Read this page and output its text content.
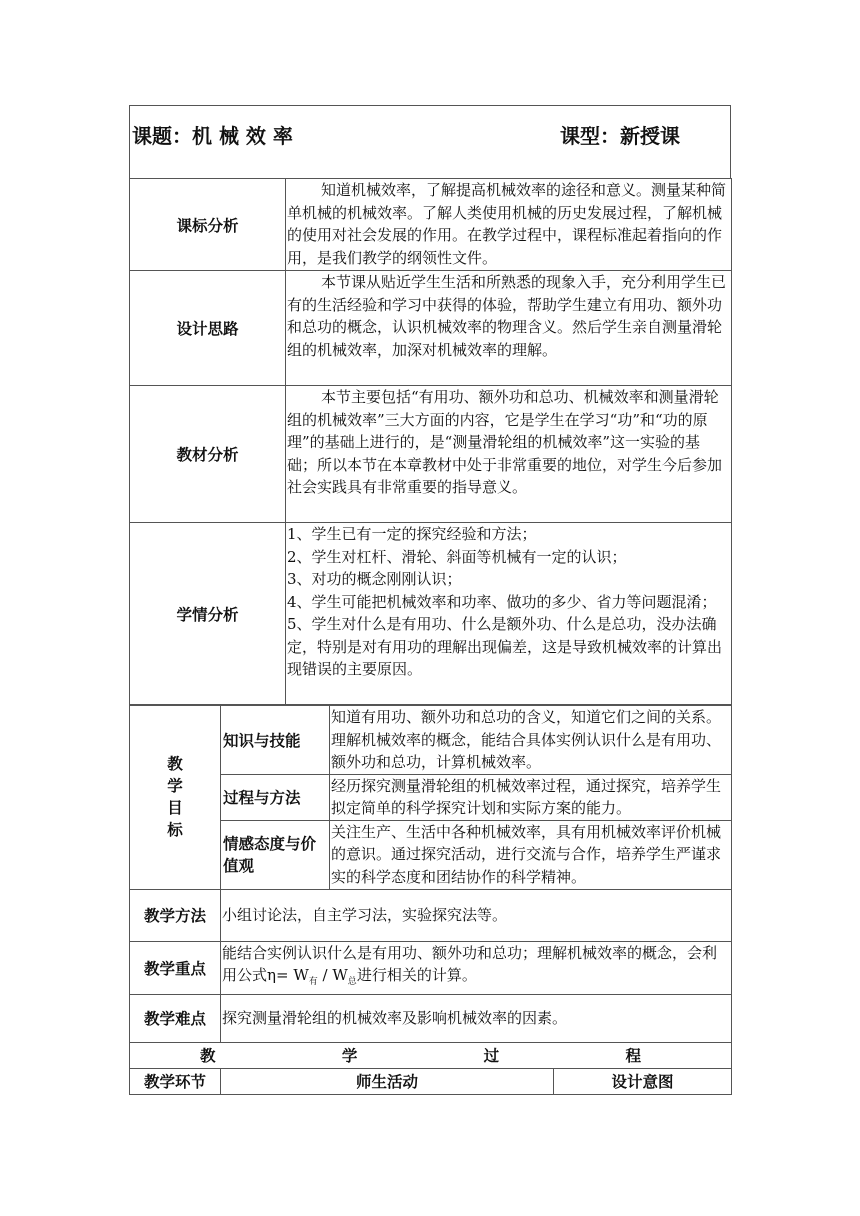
课题：机 械 效 率	课型：新授课
课标分析	知道机械效率，了解提高机械效率的途径和意义。测量某种简单机械的机械效率。了解人类使用机械的历史发展过程，了解机械的使用对社会发展的作用。在教学过程中，课程标准起着指向的作用，是我们教学的纲领性文件。
设计思路	本节课从贴近学生生活和所熟悉的现象入手，充分利用学生已有的生活经验和学习中获得的体验，帮助学生建立有用功、额外功和总功的概念，认识机械效率的物理含义。然后学生亲自测量滑轮组的机械效率，加深对机械效率的理解。
教材分析	本节主要包括“有用功、额外功和总功、机械效率和测量滑轮组的机械效率”三大方面的内容，它是学生在学习“功”和“功的原理”的基础上进行的，是“测量滑轮组的机械效率”这一实验的基础；所以本节在本章教材中处于非常重要的地位，对学生今后参加社会实践具有非常重要的指导意义。
学情分析	1、学生已有一定的探究经验和方法；
2、学生对杠杆、滑轮、斜面等机械有一定的认识；
3、对功的概念刚刚认识；
4、学生可能把机械效率和功率、做功的多少、省力等问题混淆；
5、学生对什么是有用功、什么是额外功、什么是总功，没办法确定，特别是对有用功的理解出现偏差，这是导致机械效率的计算出现错误的主要原因。
教
学
目
标	知识与技能	知道有用功、额外功和总功的含义，知道它们之间的关系。理解机械效率的概念，能结合具体实例认识什么是有用功、额外功和总功，计算机械效率。
	过程与方法	经历探究测量滑轮组的机械效率过程，通过探究，培养学生拟定简单的科学探究计划和实际方案的能力。
	情感态度与价值观	关注生产、生活中各种机械效率，具有用机械效率评价机械的意识。通过探究活动，进行交流与合作，培养学生严谨求实的科学态度和团结协作的科学精神。
教学方法	小组讨论法，自主学习法，实验探究法等。
教学重点	能结合实例认识什么是有用功、额外功和总功；理解机械效率的概念，会利用公式$\eta= W_有 / W_总$进行相关的计算。
教学难点	探究测量滑轮组的机械效率及影响机械效率的因素。

教 学 过 程	
教学环节	师生活动	设计意图
